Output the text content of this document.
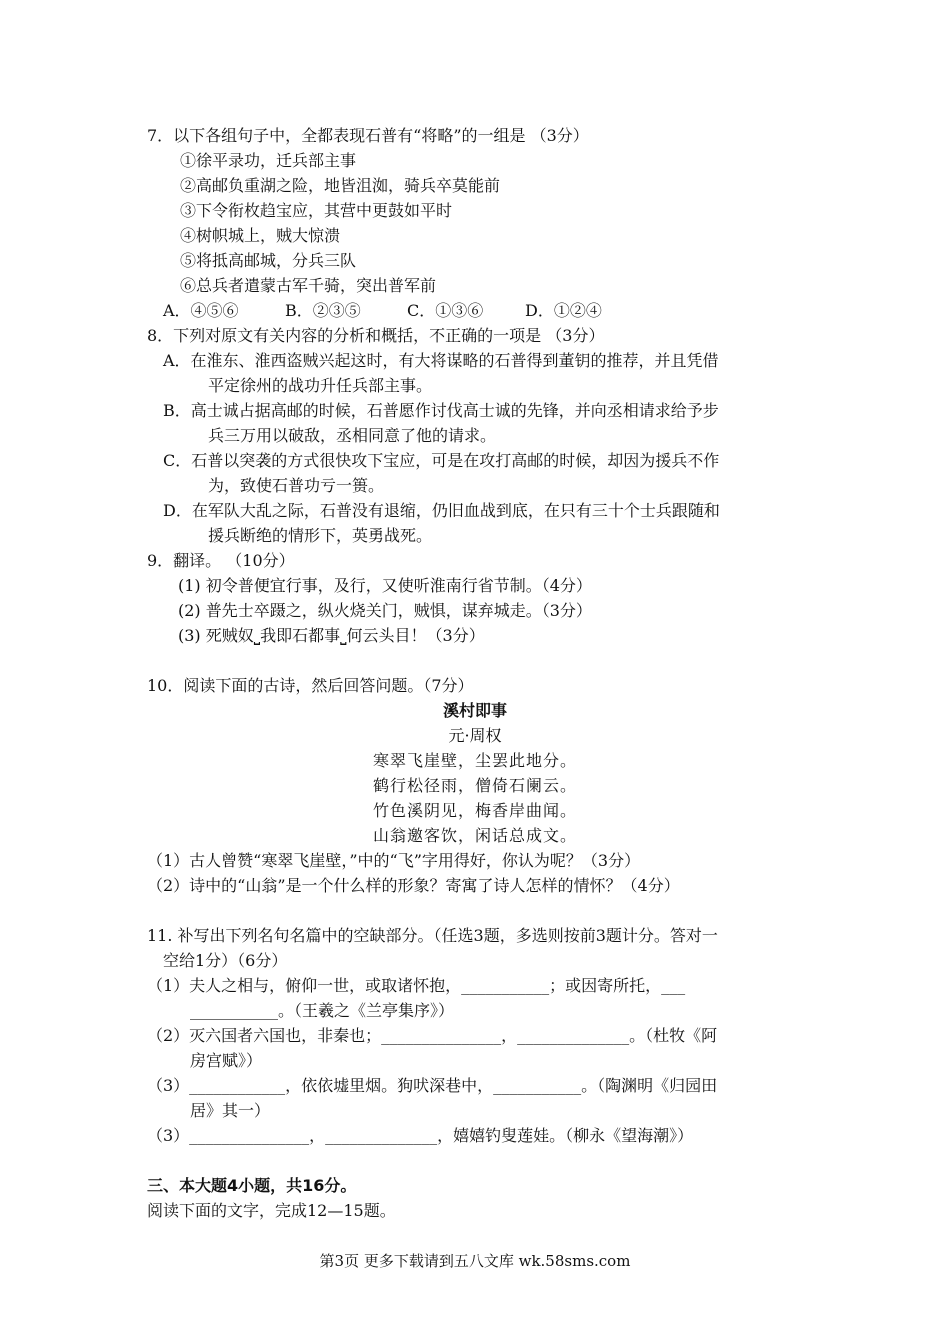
7．以下各组句子中，全都表现石普有“将略”的一组是 （3分）
①徐平录功，迁兵部主事
②高邮负重湖之险，地皆沮洳，骑兵卒莫能前
③下令衔枚趋宝应，其营中更鼓如平时
④树帜城上，贼大惊溃
⑤将抵高邮城，分兵三队
⑥总兵者遣蒙古军千骑，突出普军前
A．④⑤⑥	B．②③⑤	C．①③⑥	D．①②④
8．下列对原文有关内容的分析和概括，不正确的一项是 （3分）
A．在淮东、淮西盗贼兴起这时，有大将谋略的石普得到董钥的推荐，并且凭借
平定徐州的战功升任兵部主事。
B．高士诚占据高邮的时候，石普愿作讨伐高士诚的先锋，并向丞相请求给予步
兵三万用以破敌，丞相同意了他的请求。
C．石普以突袭的方式很快攻下宝应，可是在攻打高邮的时候，却因为援兵不作
为，致使石普功亏一篑。
D．在军队大乱之际，石普没有退缩，仍旧血战到底，在只有三十个士兵跟随和
援兵断绝的情形下，英勇战死。
9．翻译。 （10分）
(1) 初令普便宜行事，及行，又使听淮南行省节制。（4分）
(2) 普先士卒蹑之，纵火烧关门，贼惧，谋弃城走。（3分）
(3) 死贼奴⎵我即石都事⎵何云头目！（3分）
10．阅读下面的古诗，然后回答问题。（7分）
溪村即事
元·周权
寒翠飞崖壁，尘罢此地分。
鹤行松径雨，僧倚石阑云。
竹色溪阴见，梅香岸曲闻。
山翁邀客饮，闲话总成文。
（1）古人曾赞“寒翠飞崖壁，”中的“飞”字用得好，你认为呢？（3分）
（2）诗中的“山翁”是一个什么样的形象？寄寓了诗人怎样的情怀？（4分）
11. 补写出下列名句名篇中的空缺部分。（任选3题，多选则按前3题计分。答对一
空给1分）（6分）
（1）夫人之相与，俯仰一世，或取诸怀抱，___________；或因寄所托，___
___________。（王羲之《兰亭集序》）
（2）灭六国者六国也，非秦也；_______________，______________。（杜牧《阿
房宫赋》）
（3）____________，依依墟里烟。狗吠深巷中，___________。（陶渊明《归园田
居》其一）
（3）_______________，______________，嬉嬉钓叟莲娃。（柳永《望海潮》）
三、本大题4小题，共16分。
阅读下面的文字，完成12—15题。
第3页 更多下载请到五八文库 wk.58sms.com
